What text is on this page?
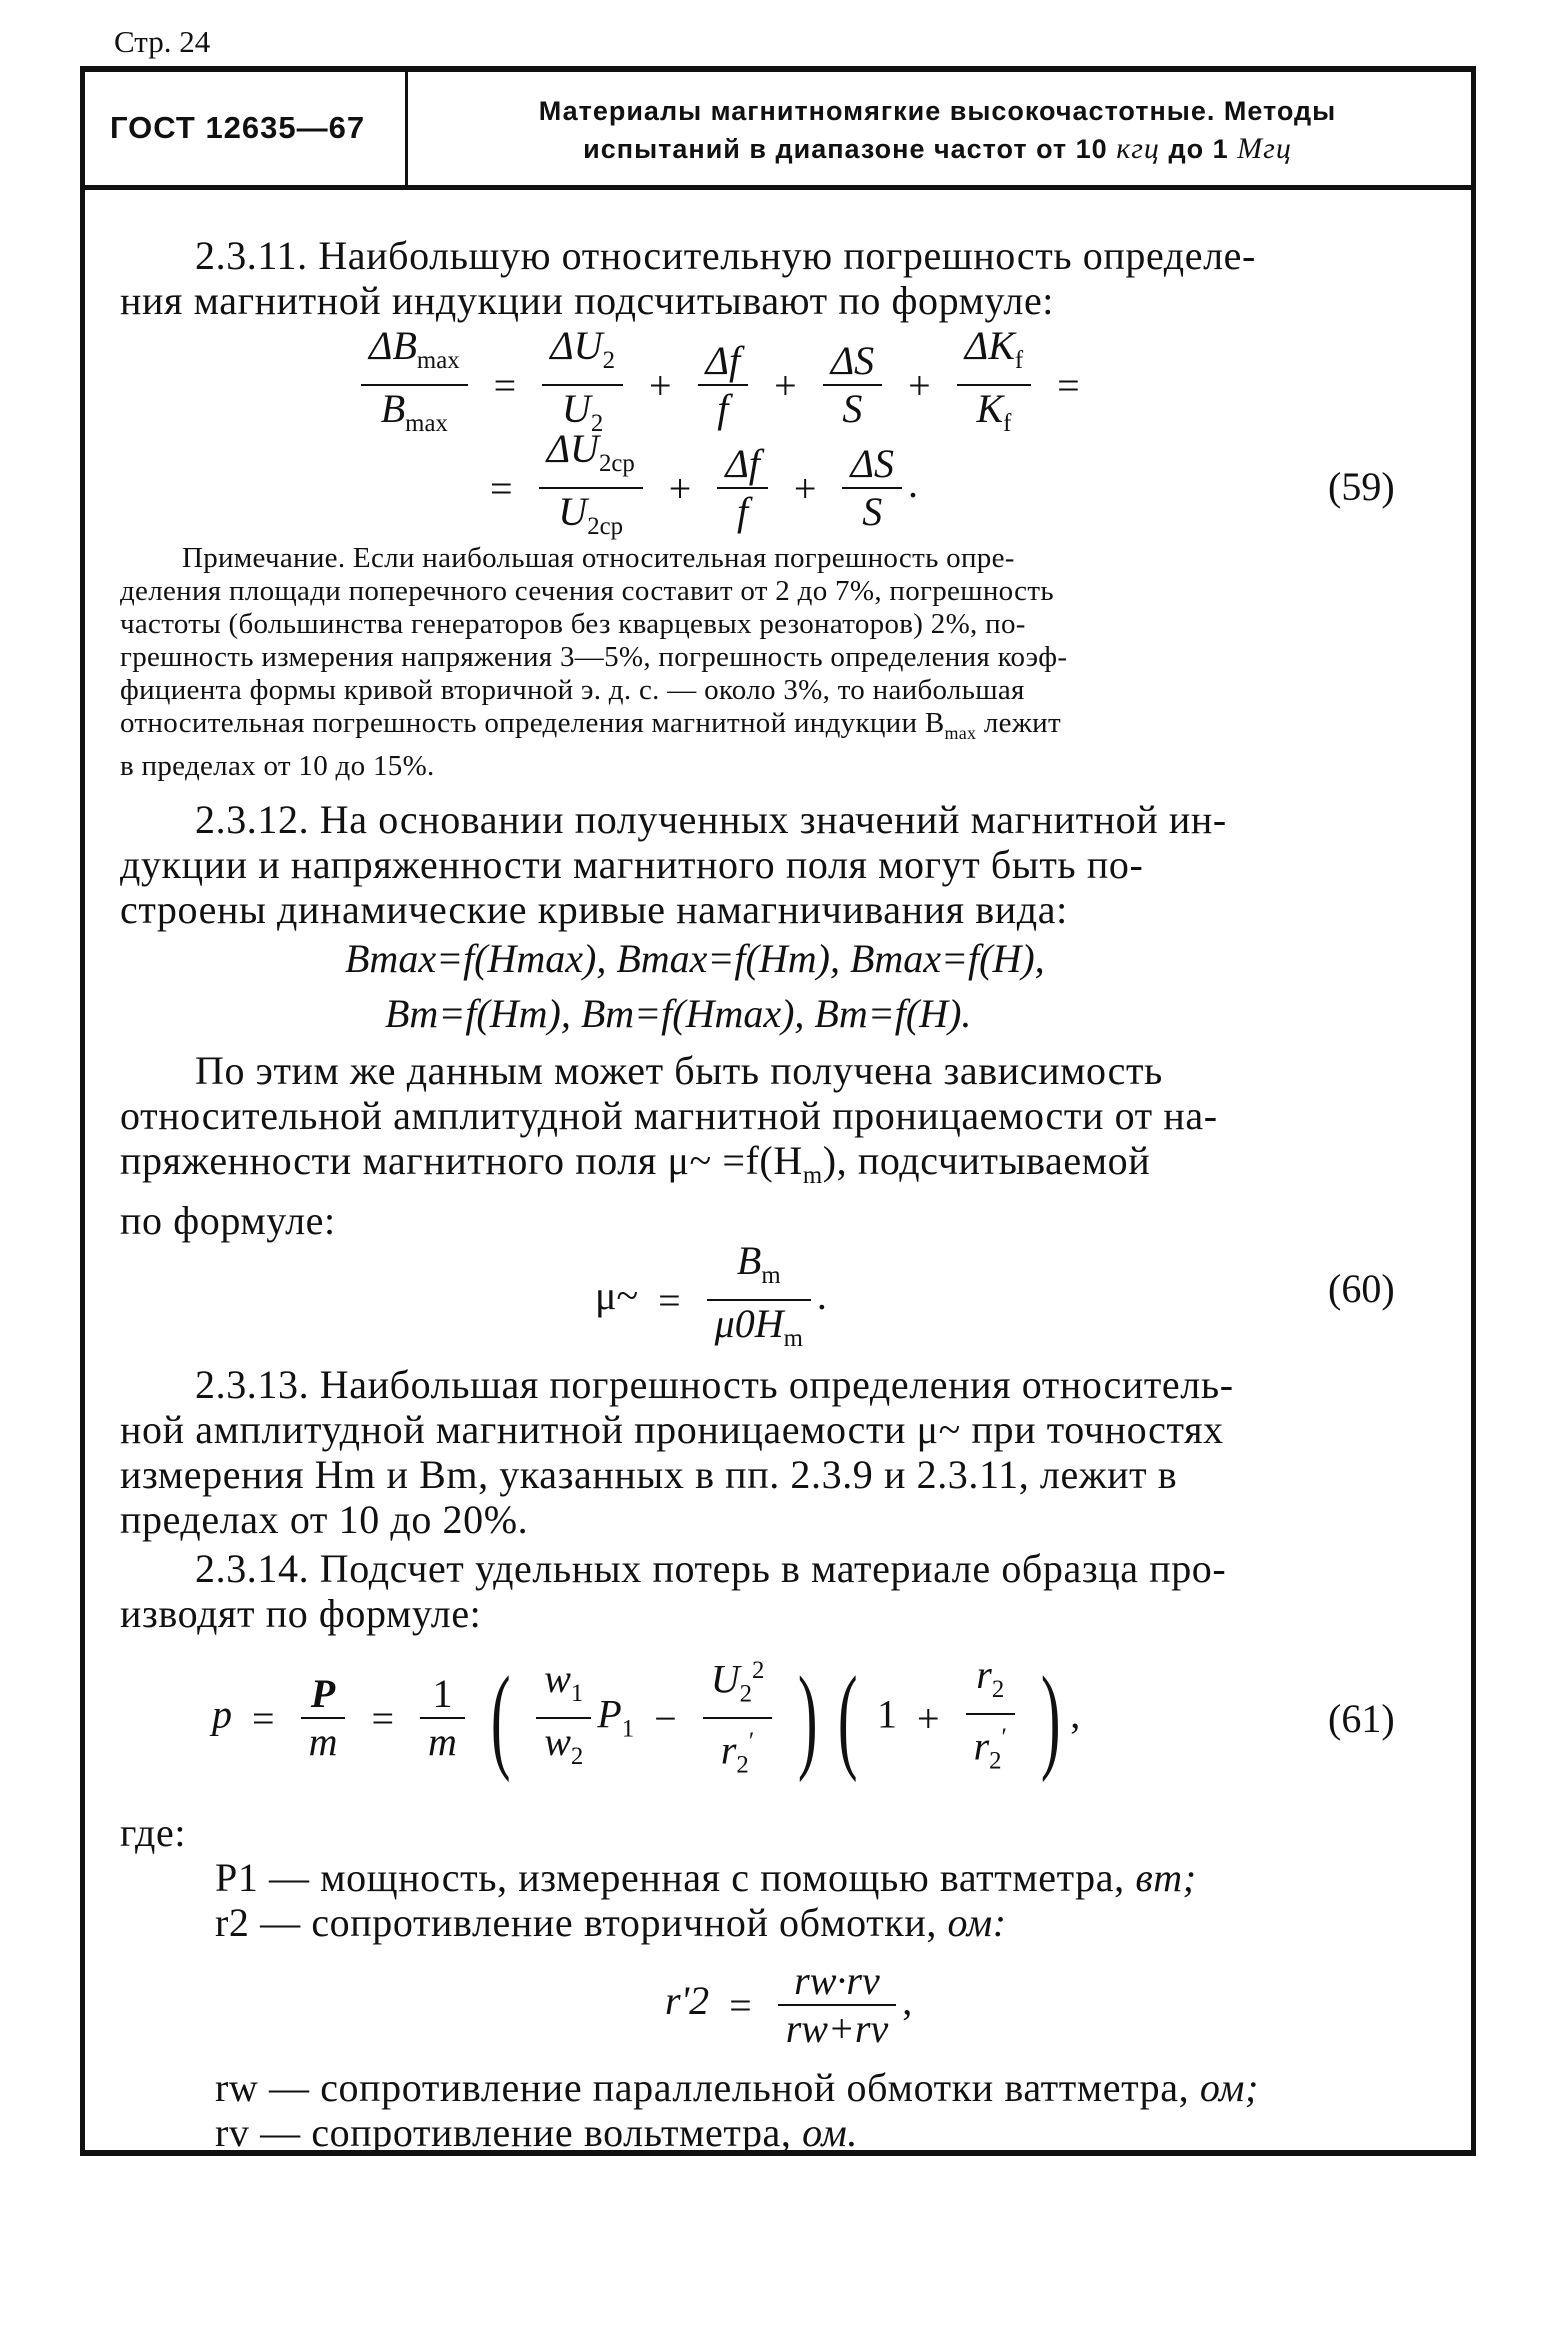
Стр. 24
ГОСТ 12635—67	Материалы магнитномягкие высокочастотные. Методы
испытаний в диапазоне частот от 10 кгц до 1 Мгц
2.3.11. Наибольшую относительную погрешность определе-
ния магнитной индукции подсчитывают по формуле:
$\frac{\Delta B_{max}}{B_{max}} = \frac{\Delta U_2}{U_2} + \frac{\Delta f}{f} + \frac{\Delta S}{S} + \frac{\Delta K_f}{K_f}$ =
= $\frac{\Delta U_{2ср}}{U_{2ср}} + \frac{\Delta f}{f} + \frac{\Delta S}{S}$ .	(59)
Примечание. Если наибольшая относительная погрешность опре-
деления площади поперечного сечения составит от 2 до 7%, погрешность
частоты (большинства генераторов без кварцевых резонаторов) 2%, по-
грешность измерения напряжения 3—5%, погрешность определения коэф-
фициента формы кривой вторичной э. д. с. — около 3%, то наибольшая
относительная погрешность определения магнитной индукции $B_{max}$ лежит
в пределах от 10 до 15%.
2.3.12. На основании полученных значений магнитной ин-
дукции и напряженности магнитного поля могут быть по-
строены динамические кривые намагничивания вида:
Bmax=f(Hmax), Bmax=f(Hm), Bmax=f(H),
Bm=f(Hm), Bm=f(Hmax), Bm=f(H).
По этим же данным может быть получена зависимость
относительной амплитудной магнитной проницаемости от на-
пряженности магнитного поля μ~ $=f(H_m)$, подсчитываемой
по формуле:
μ~ = $\frac{B_m}{\mu 0H_m}$ .	(60)
2.3.13. Наибольшая погрешность определения относитель-
ной амплитудной магнитной проницаемости μ~ при точностях
измерения Hm и Bm, указанных в пп. 2.3.9 и 2.3.11, лежит в
пределах от 10 до 20%.
2.3.14. Подсчет удельных потерь в материале образца про-
изводят по формуле:
$p = \frac{P}{m} = \frac{1}{m}$ ( $\frac{w_1}{w_2} P_1 - \frac{U_2^2}{r_2'}$ ) ( $1 + \frac{r_2}{r_2'}$ ) ,	(61)
где:
P1 — мощность, измеренная с помощью ваттметра, вт;
r2 — сопротивление вторичной обмотки, ом:
$r'2 = \frac{rw\cdot rv}{rw+rv}$ ,
rw — сопротивление параллельной обмотки ваттметра, ом;
rv — сопротивление вольтметра, ом.
